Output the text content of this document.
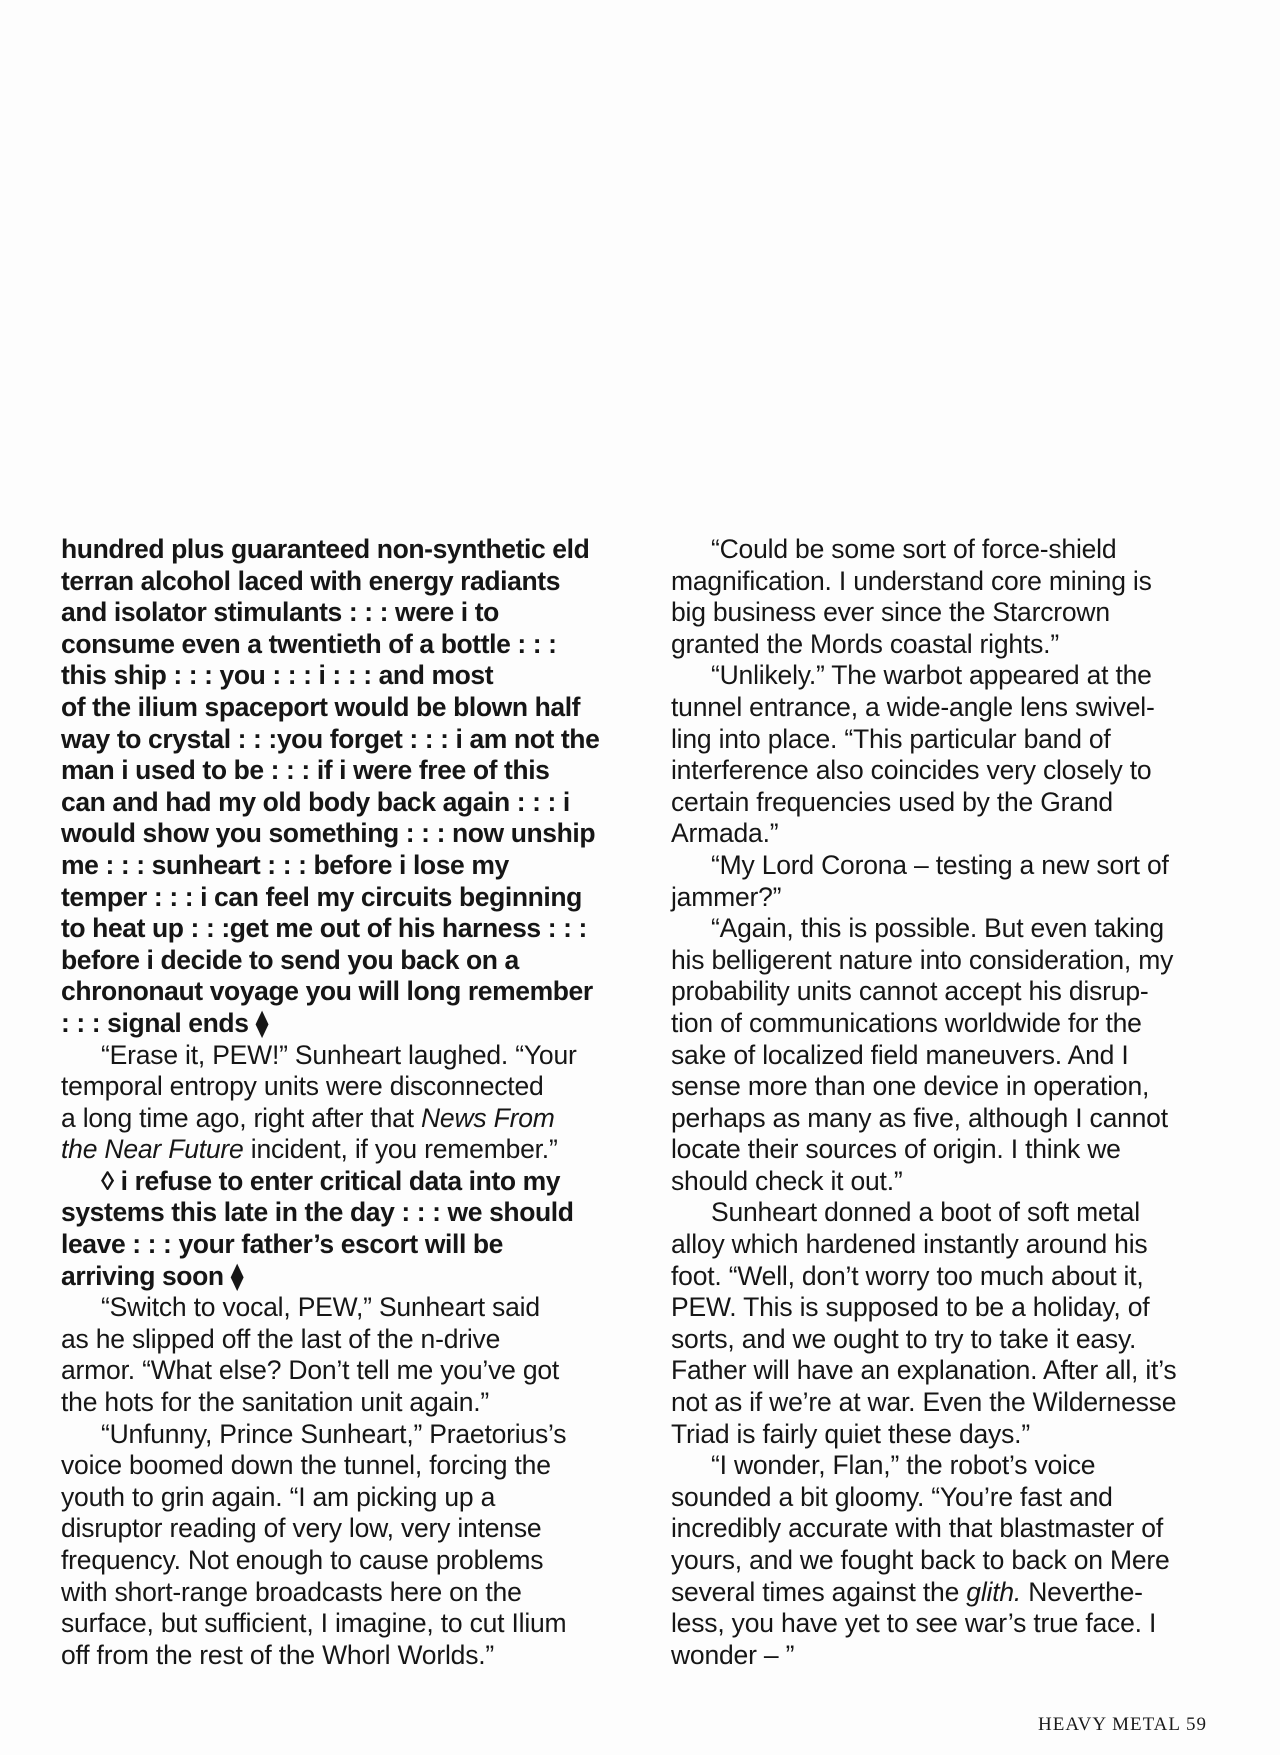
hundred plus guaranteed non-synthetic eld
terran alcohol laced with energy radiants
and isolator stimulants : : : were i to
consume even a twentieth of a bottle : : :
this ship : : : you : : : i : : : and most
of the ilium spaceport would be blown half
way to crystal : : :you forget : : : i am not the
man i used to be : : : if i were free of this
can and had my old body back again : : : i
would show you something : : : now unship
me : : : sunheart : : : before i lose my
temper : : : i can feel my circuits beginning
to heat up : : :get me out of his harness : : :
before i decide to send you back on a
chrononaut voyage you will long remember
: : : signal ends ⧫
“Erase it, PEW!” Sunheart laughed. “Your
temporal entropy units were disconnected
a long time ago, right after that News From
the Near Future incident, if you remember.”
◊ i refuse to enter critical data into my
systems this late in the day : : : we should
leave : : : your father’s escort will be
arriving soon ⧫
“Switch to vocal, PEW,” Sunheart said
as he slipped off the last of the n-drive
armor. “What else? Don’t tell me you’ve got
the hots for the sanitation unit again.”
“Unfunny, Prince Sunheart,” Praetorius’s
voice boomed down the tunnel, forcing the
youth to grin again. “I am picking up a
disruptor reading of very low, very intense
frequency. Not enough to cause problems
with short-range broadcasts here on the
surface, but sufficient, I imagine, to cut Ilium
off from the rest of the Whorl Worlds.”
“Could be some sort of force-shield
magnification. I understand core mining is
big business ever since the Starcrown
granted the Mords coastal rights.”
“Unlikely.” The warbot appeared at the
tunnel entrance, a wide-angle lens swivel-
ling into place. “This particular band of
interference also coincides very closely to
certain frequencies used by the Grand
Armada.”
“My Lord Corona – testing a new sort of
jammer?”
“Again, this is possible. But even taking
his belligerent nature into consideration, my
probability units cannot accept his disrup-
tion of communications worldwide for the
sake of localized field maneuvers. And I
sense more than one device in operation,
perhaps as many as five, although I cannot
locate their sources of origin. I think we
should check it out.”
Sunheart donned a boot of soft metal
alloy which hardened instantly around his
foot. “Well, don’t worry too much about it,
PEW. This is supposed to be a holiday, of
sorts, and we ought to try to take it easy.
Father will have an explanation. After all, it’s
not as if we’re at war. Even the Wildernesse
Triad is fairly quiet these days.”
“I wonder, Flan,” the robot’s voice
sounded a bit gloomy. “You’re fast and
incredibly accurate with that blastmaster of
yours, and we fought back to back on Mere
several times against the glith. Neverthe-
less, you have yet to see war’s true face. I
wonder – ”
HEAVY METAL 59
